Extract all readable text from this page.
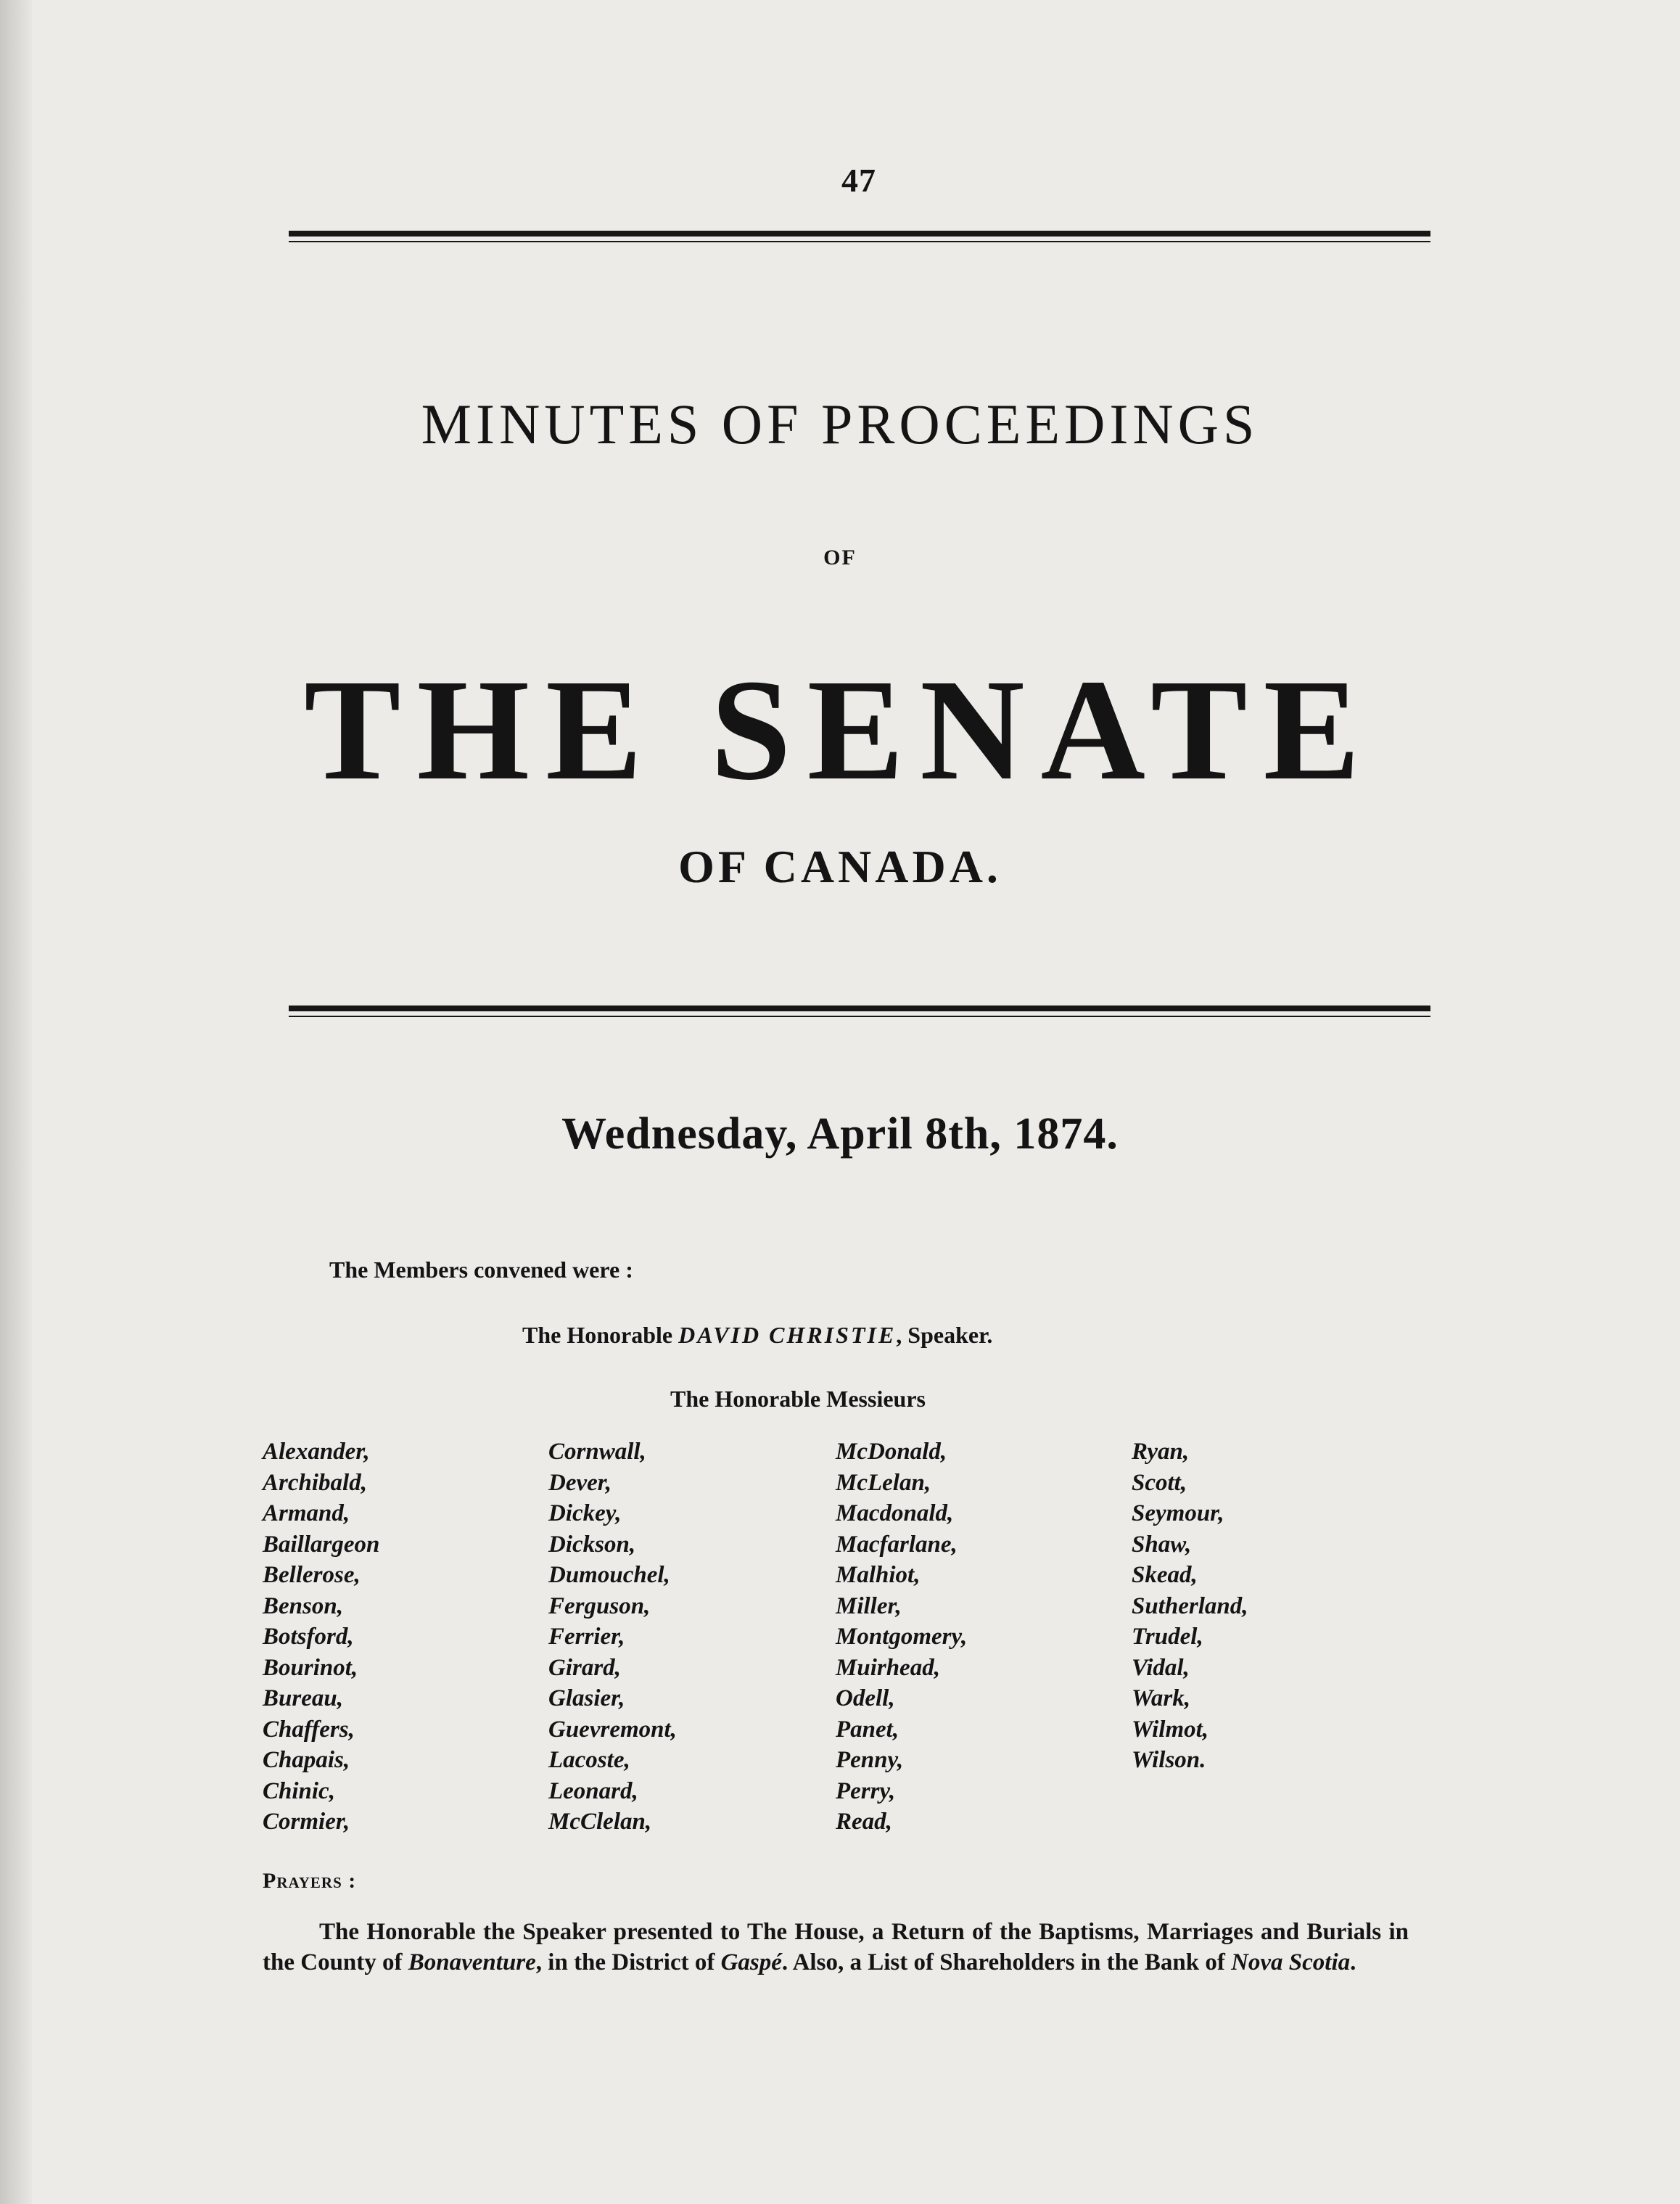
47
MINUTES OF PROCEEDINGS
OF
THE SENATE
OF CANADA.
Wednesday, April 8th, 1874.
The Members convened were :
The Honorable DAVID CHRISTIE, Speaker.
The Honorable Messieurs
Alexander,
Archibald,
Armand,
Baillargeon
Bellerose,
Benson,
Botsford,
Bourinot,
Bureau,
Chaffers,
Chapais,
Chinic,
Cormier,
Cornwall,
Dever,
Dickey,
Dickson,
Dumouchel,
Ferguson,
Ferrier,
Girard,
Glasier,
Guevremont,
Lacoste,
Leonard,
McClelan,
McDonald,
McLelan,
Macdonald,
Macfarlane,
Malhiot,
Miller,
Montgomery,
Muirhead,
Odell,
Panet,
Penny,
Perry,
Read,
Ryan,
Scott,
Seymour,
Shaw,
Skead,
Sutherland,
Trudel,
Vidal,
Wark,
Wilmot,
Wilson.
Prayers :

The Honorable the Speaker presented to The House, a Return of the Baptisms, Marriages and Burials in the County of Bonaventure, in the District of Gaspé. Also, a List of Shareholders in the Bank of Nova Scotia.
